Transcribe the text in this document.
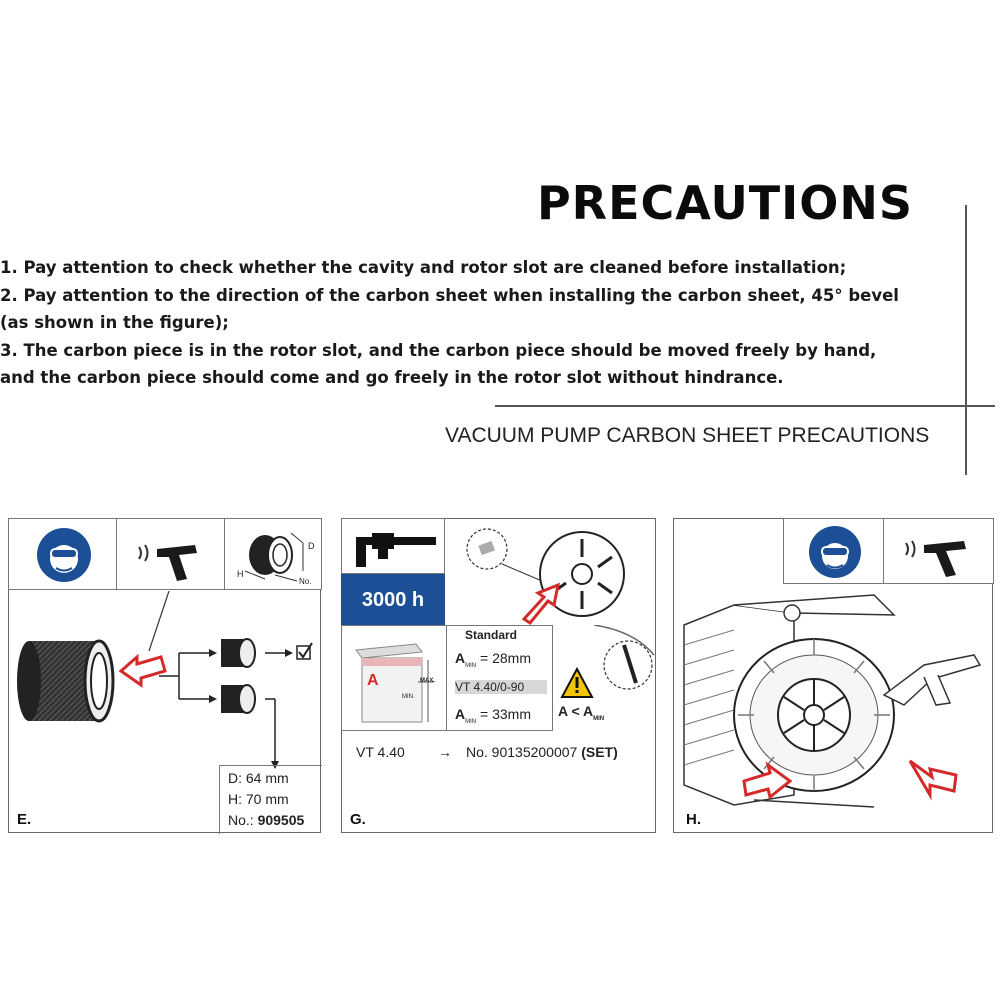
PRECAUTIONS
1. Pay attention to check whether the cavity and rotor slot are cleaned before installation;
2. Pay attention to the direction of the carbon sheet when installing the carbon sheet, 45° bevel
(as shown in the figure);
3. The carbon piece is in the rotor slot, and the carbon piece should be moved freely by hand,
and the carbon piece should come and go freely in the rotor slot without hindrance.
VACUUM PUMP CARBON SHEET PRECAUTIONS
D
H
No.
D: 64 mm
H: 70 mm
No.: 909505
E.
3000 h
A	MAX.
MIN.
Standard
$A_{MIN} = 28mm$
VT 4.40/0-90
$A_{MIN} = 33mm$ $A < A_{MIN}$
VT 4.40 → No. 90135200007 (SET)
G.	H.
